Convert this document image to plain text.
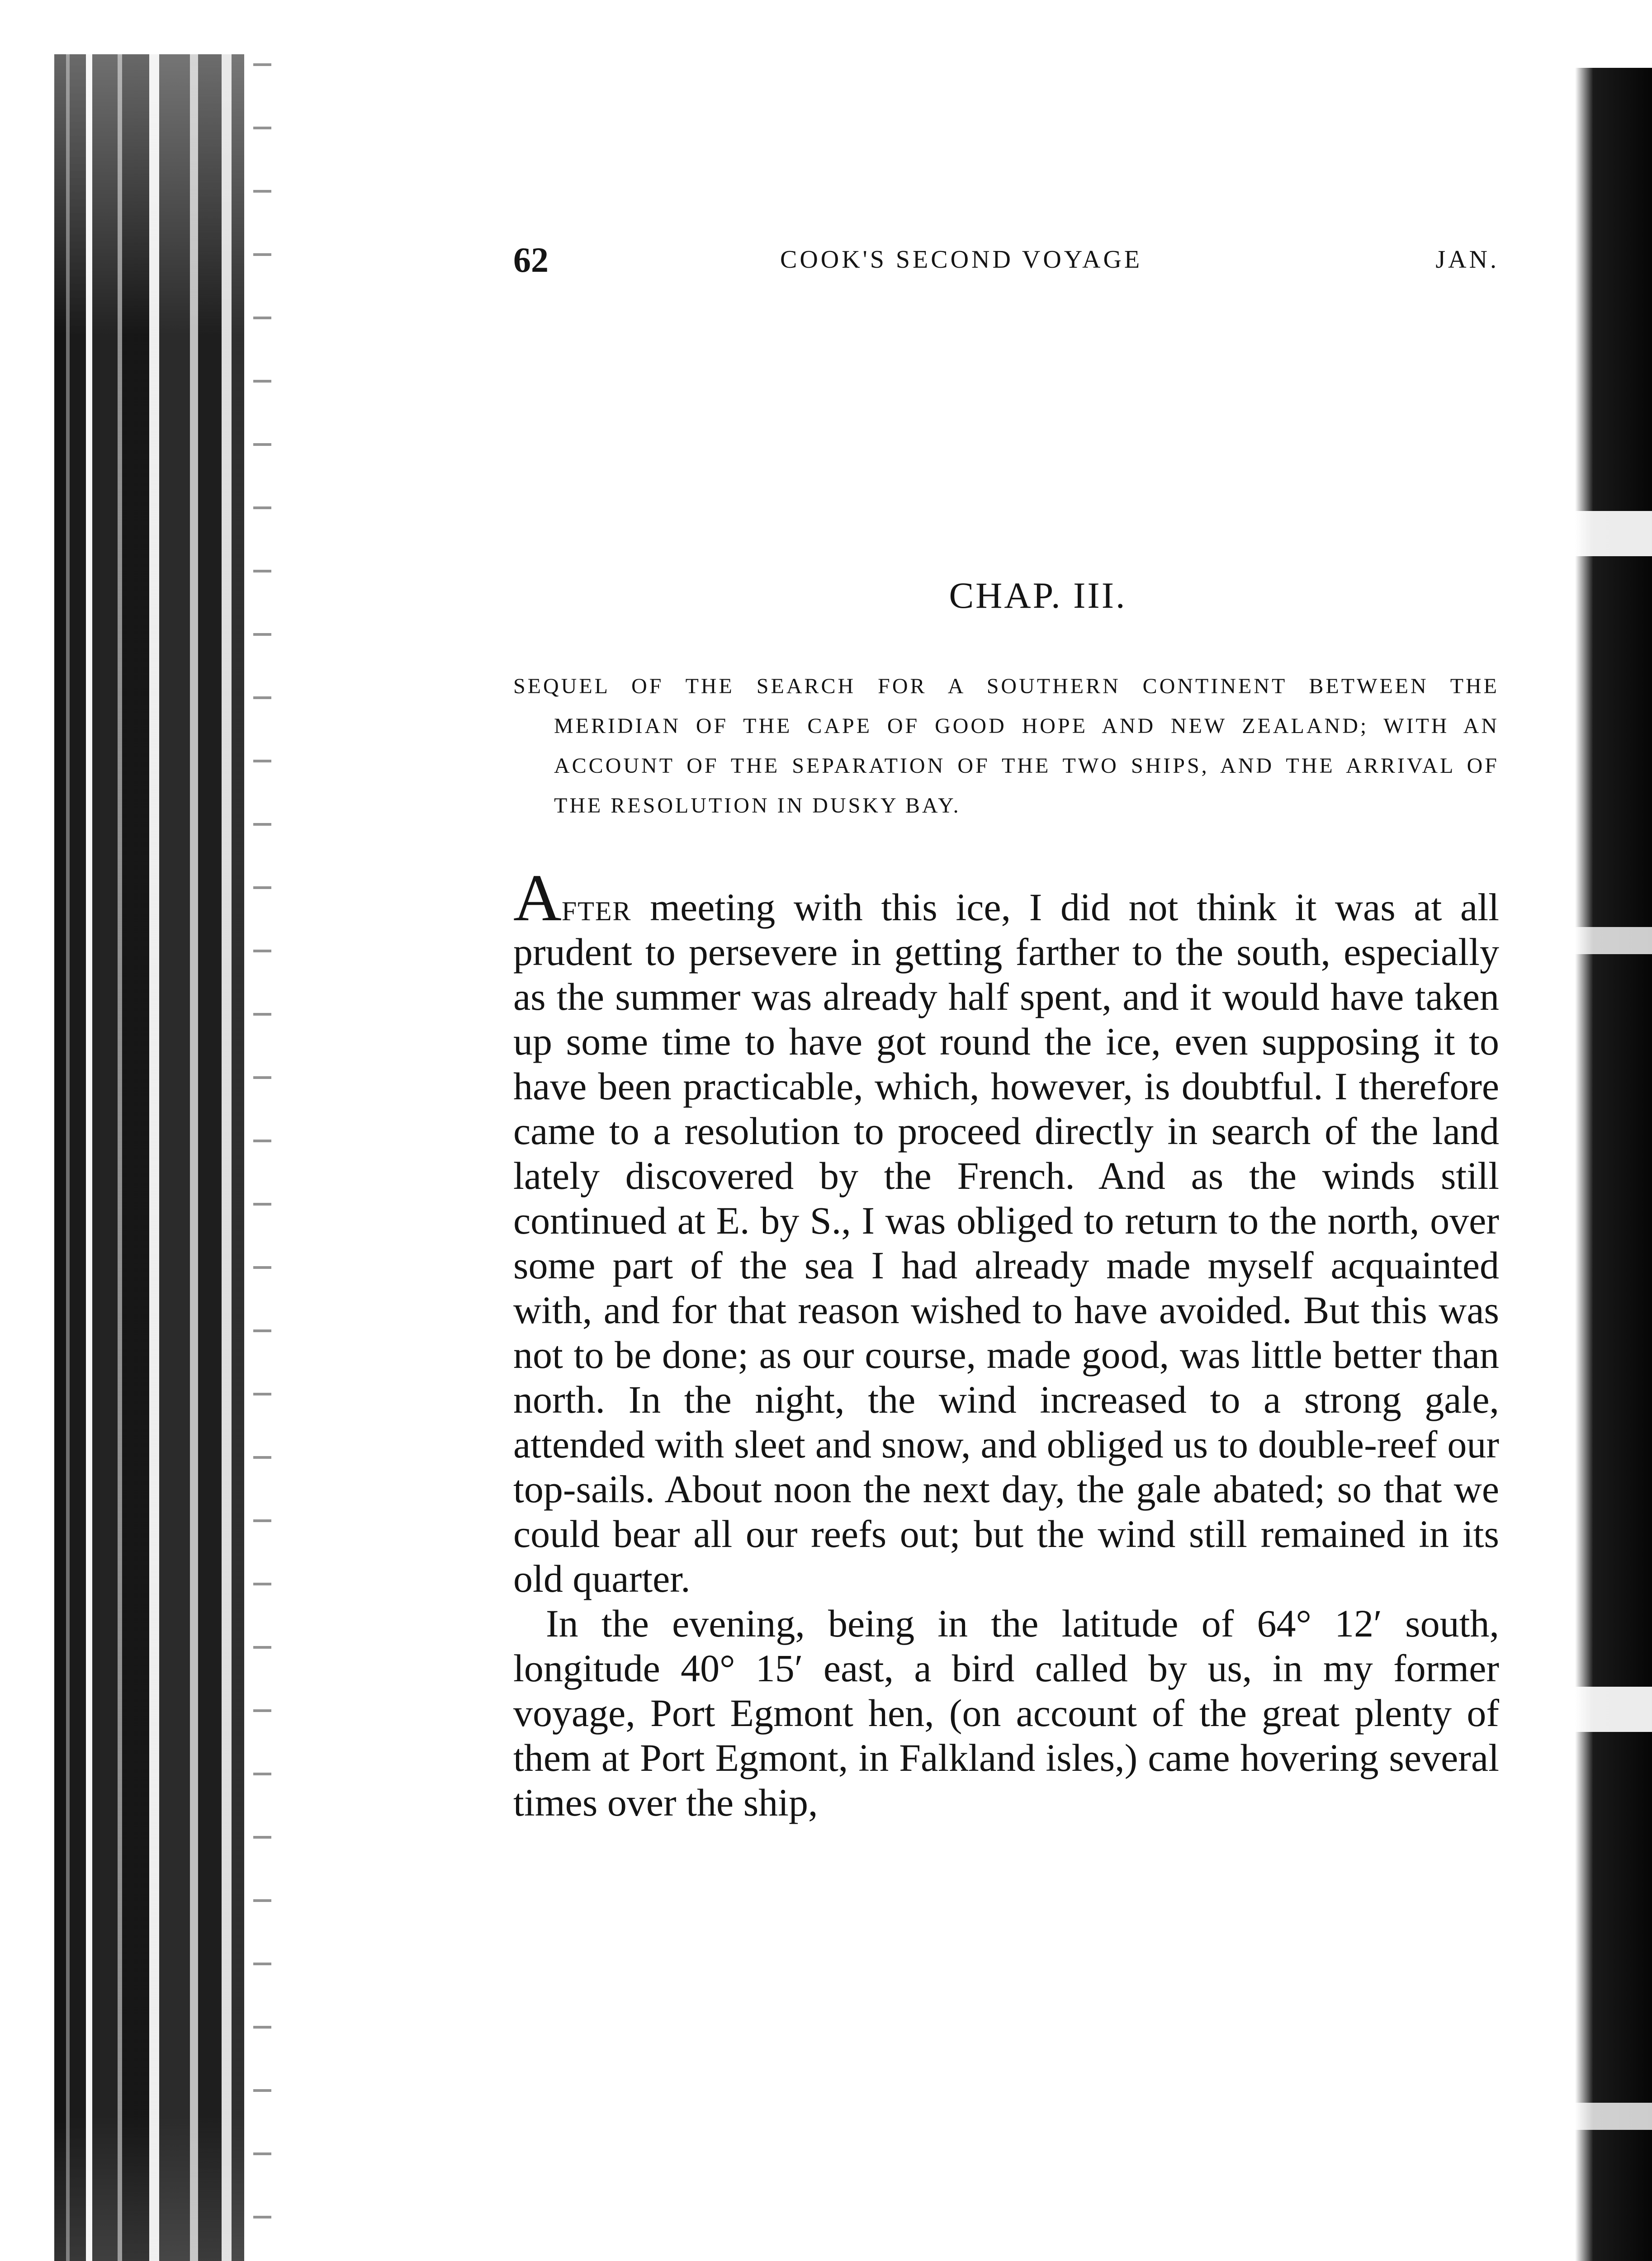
62	COOK'S SECOND VOYAGE	JAN.
CHAP. III.
SEQUEL OF THE SEARCH FOR A SOUTHERN CONTINENT BETWEEN THE MERIDIAN OF THE CAPE OF GOOD HOPE AND NEW ZEALAND; WITH AN ACCOUNT OF THE SEPARATION OF THE TWO SHIPS, AND THE ARRIVAL OF THE RESOLUTION IN DUSKY BAY.

After meeting with this ice, I did not think it was at all prudent to persevere in getting farther to the south, especially as the summer was already half spent, and it would have taken up some time to have got round the ice, even supposing it to have been practicable, which, however, is doubtful. I therefore came to a resolution to proceed directly in search of the land lately discovered by the French. And as the winds still continued at E. by S., I was obliged to return to the north, over some part of the sea I had already made myself acquainted with, and for that reason wished to have avoided. But this was not to be done; as our course, made good, was little better than north. In the night, the wind increased to a strong gale, attended with sleet and snow, and obliged us to double-reef our top-sails. About noon the next day, the gale abated; so that we could bear all our reefs out; but the wind still remained in its old quarter.

In the evening, being in the latitude of 64° 12′ south, longitude 40° 15′ east, a bird called by us, in my former voyage, Port Egmont hen, (on account of the great plenty of them at Port Egmont, in Falkland isles,) came hovering several times over the ship,
